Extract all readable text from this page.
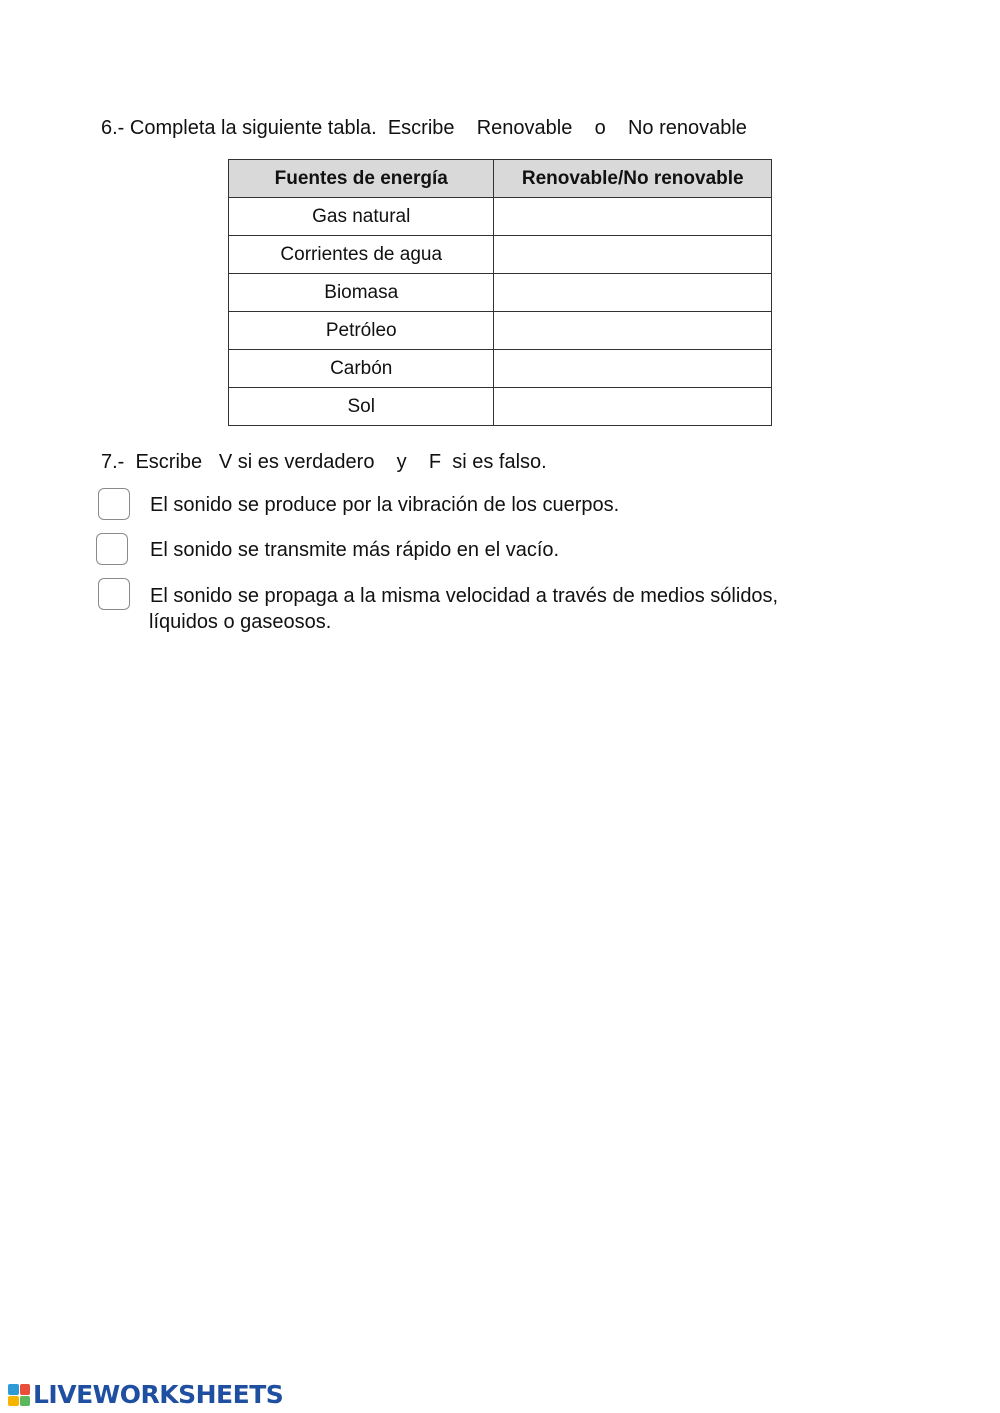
6.- Completa la siguiente tabla.  Escribe    Renovable    o    No renovable
Fuentes de energía	Renovable/No renovable
Gas natural	
Corrientes de agua	
Biomasa	
Petróleo	
Carbón	
Sol	
7.-  Escribe   V si es verdadero    y    F  si es falso.
El sonido se produce por la vibración de los cuerpos.
El sonido se transmite más rápido en el vacío.
El sonido se propaga a la misma velocidad a través de medios sólidos,
líquidos o gaseosos.
LIVEWORKSHEETS
